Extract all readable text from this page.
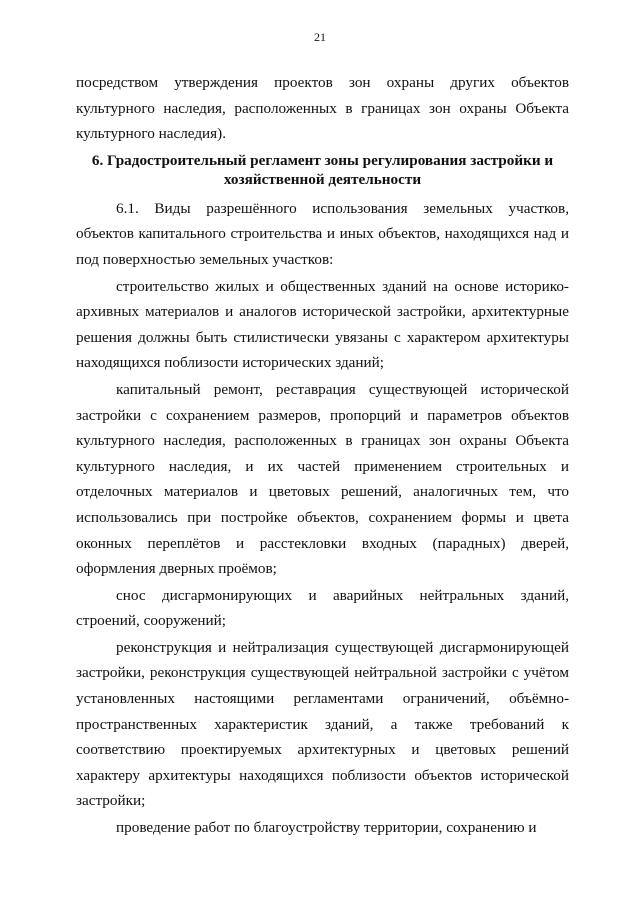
21

посредством утверждения проектов зон охраны других объектов культурного наследия, расположенных в границах зон охраны Объекта культурного наследия).

6. Градостроительный регламент зоны регулирования застройки и хозяйственной деятельности

6.1. Виды разрешённого использования земельных участков, объектов капитального строительства и иных объектов, находящихся над и под поверхностью земельных участков:

строительство жилых и общественных зданий на основе историко-архивных материалов и аналогов исторической застройки, архитектурные решения должны быть стилистически увязаны с характером архитектуры находящихся поблизости исторических зданий;

капитальный ремонт, реставрация существующей исторической застройки с сохранением размеров, пропорций и параметров объектов культурного наследия, расположенных в границах зон охраны Объекта культурного наследия, и их частей применением строительных и отделочных материалов и цветовых решений, аналогичных тем, что использовались при постройке объектов, сохранением формы и цвета оконных переплётов и расстекловки входных (парадных) дверей, оформления дверных проёмов;

снос дисгармонирующих и аварийных нейтральных зданий, строений, сооружений;

реконструкция и нейтрализация существующей дисгармонирующей застройки, реконструкция существующей нейтральной застройки с учётом установленных настоящими регламентами ограничений, объёмно-пространственных характеристик зданий, а также требований к соответствию проектируемых архитектурных и цветовых решений характеру архитектуры находящихся поблизости объектов исторической застройки;

проведение работ по благоустройству территории, сохранению и
